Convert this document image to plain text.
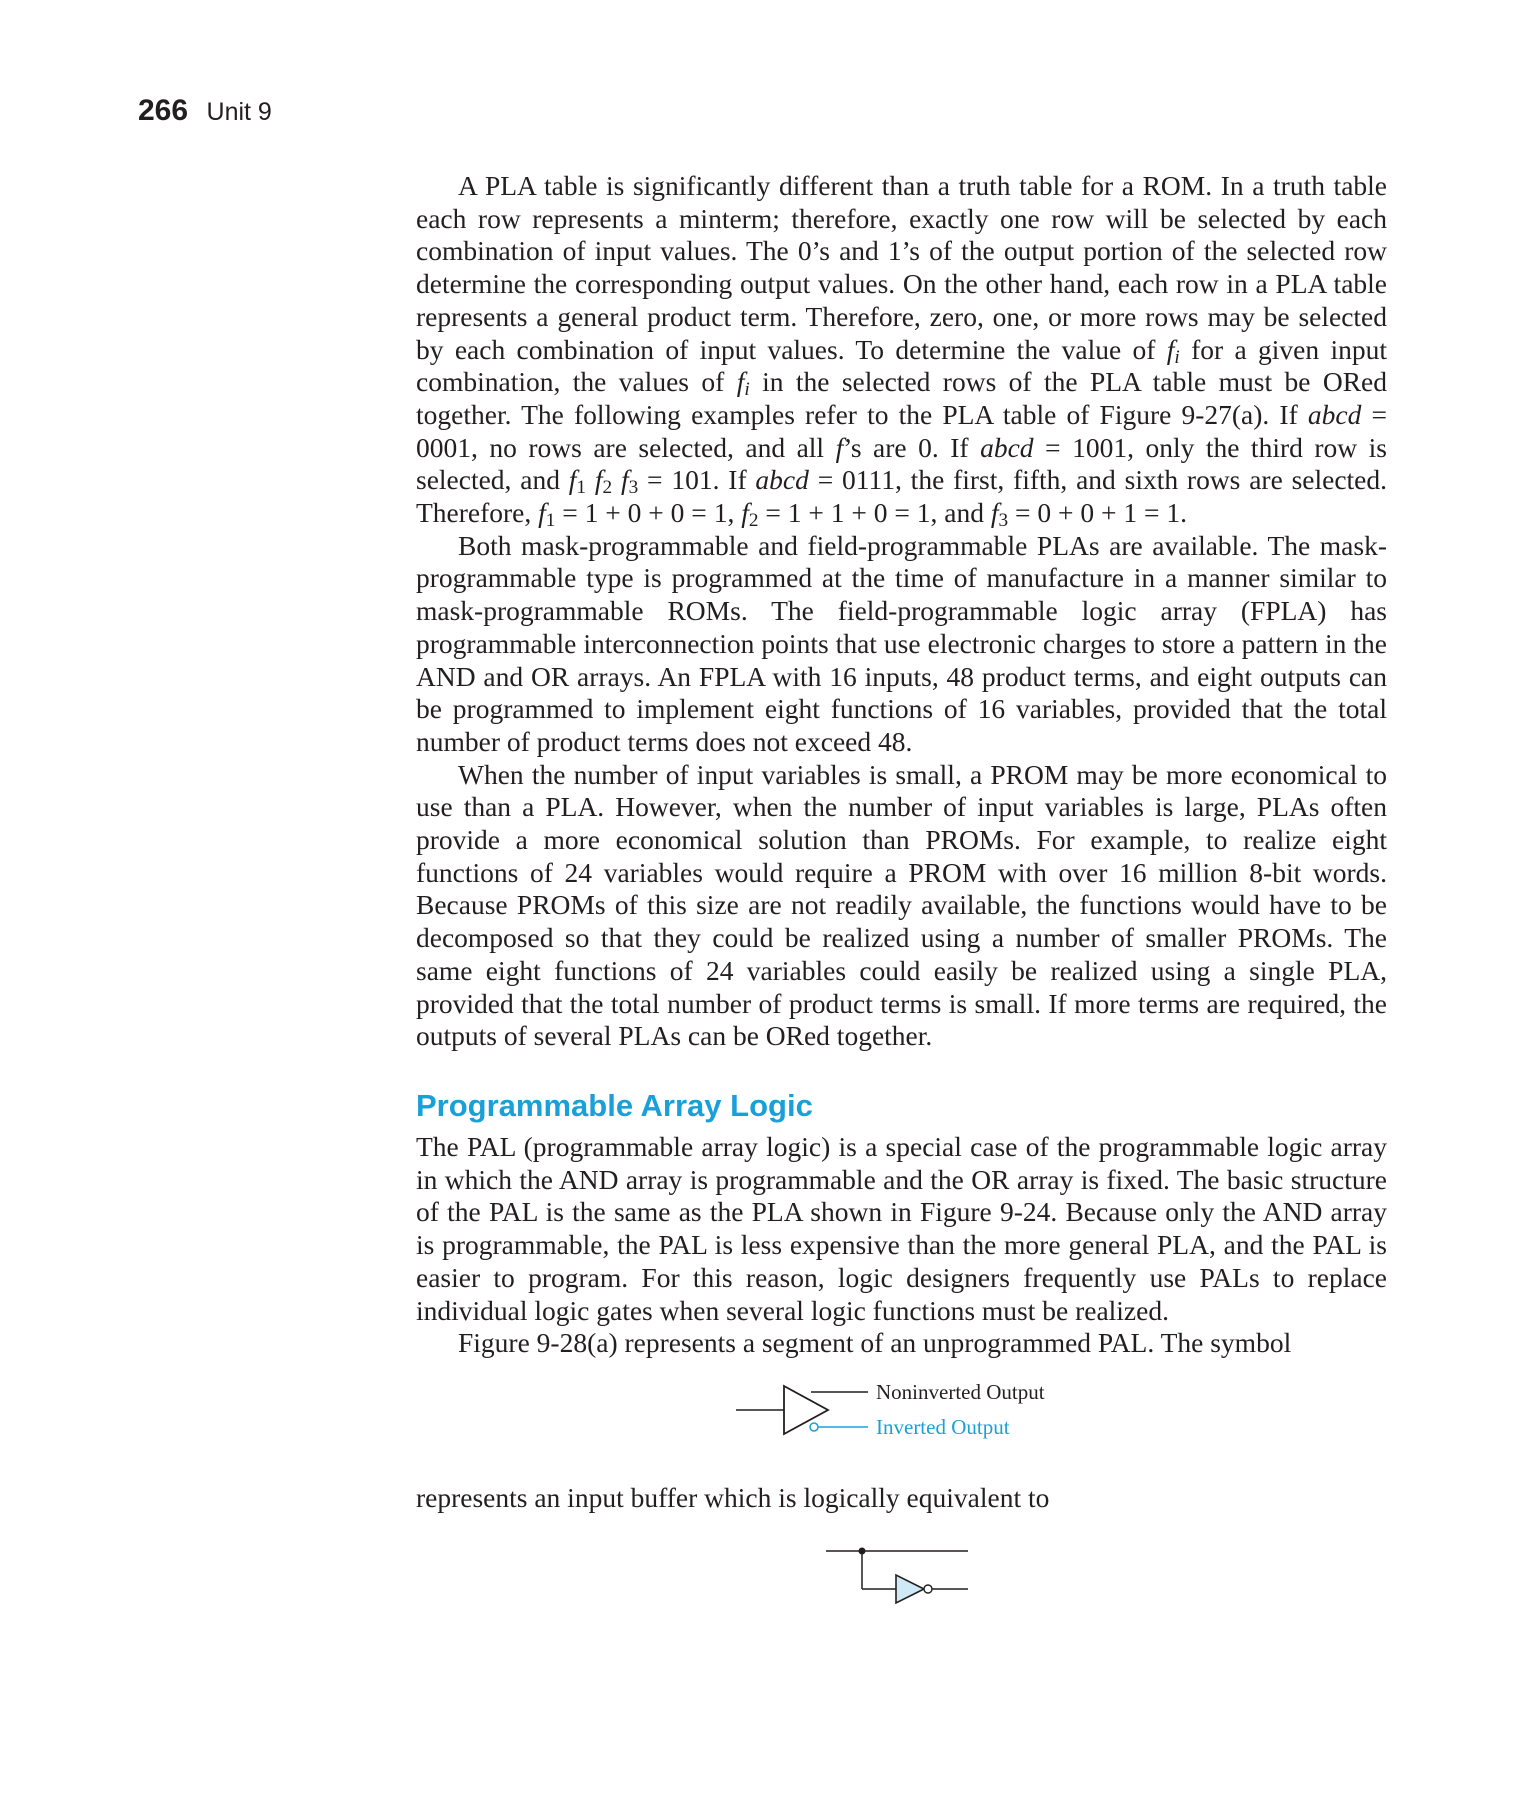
266 Unit 9

A PLA table is significantly different than a truth table for a ROM. In a truth table each row represents a minterm; therefore, exactly one row will be selected by each combination of input values. The 0’s and 1’s of the output portion of the selected row determine the corresponding output values. On the other hand, each row in a PLA table represents a general product term. Therefore, zero, one, or more rows may be selected by each combination of input values. To determine the value of $f_i$ for a given input combination, the values of $f_i$ in the selected rows of the PLA table must be ORed together. The following examples refer to the PLA table of Figure 9-27(a). If abcd = 0001, no rows are selected, and all f’s are 0. If abcd = 1001, only the third row is selected, and $f_1$ $f_2$ $f_3 = 101$. If abcd = 0111, the first, fifth, and sixth rows are selected. Therefore, $f_1 = 1 + 0 + 0 = 1$, $f_2 = 1 + 1 + 0 = 1$, and $f_3 = 0 + 0 + 1 = 1$.

Both mask-programmable and field-programmable PLAs are available. The mask-programmable type is programmed at the time of manufacture in a manner similar to mask-programmable ROMs. The field-programmable logic array (FPLA) has programmable interconnection points that use electronic charges to store a pattern in the AND and OR arrays. An FPLA with 16 inputs, 48 product terms, and eight outputs can be programmed to implement eight functions of 16 variables, provided that the total number of product terms does not exceed 48.

When the number of input variables is small, a PROM may be more economical to use than a PLA. However, when the number of input variables is large, PLAs often provide a more economical solution than PROMs. For example, to realize eight functions of 24 variables would require a PROM with over 16 million 8-bit words. Because PROMs of this size are not readily available, the functions would have to be decomposed so that they could be realized using a number of smaller PROMs. The same eight functions of 24 variables could easily be realized using a single PLA, provided that the total number of product terms is small. If more terms are required, the outputs of several PLAs can be ORed together.

Programmable Array Logic

The PAL (programmable array logic) is a special case of the programmable logic array in which the AND array is programmable and the OR array is fixed. The basic structure of the PAL is the same as the PLA shown in Figure 9-24. Because only the AND array is programmable, the PAL is less expensive than the more general PLA, and the PAL is easier to program. For this reason, logic designers frequently use PALs to replace individual logic gates when several logic functions must be realized.

Figure 9-28(a) represents a segment of an unprogrammed PAL. The symbol

Noninverted Output
Inverted Output

represents an input buffer which is logically equivalent to
